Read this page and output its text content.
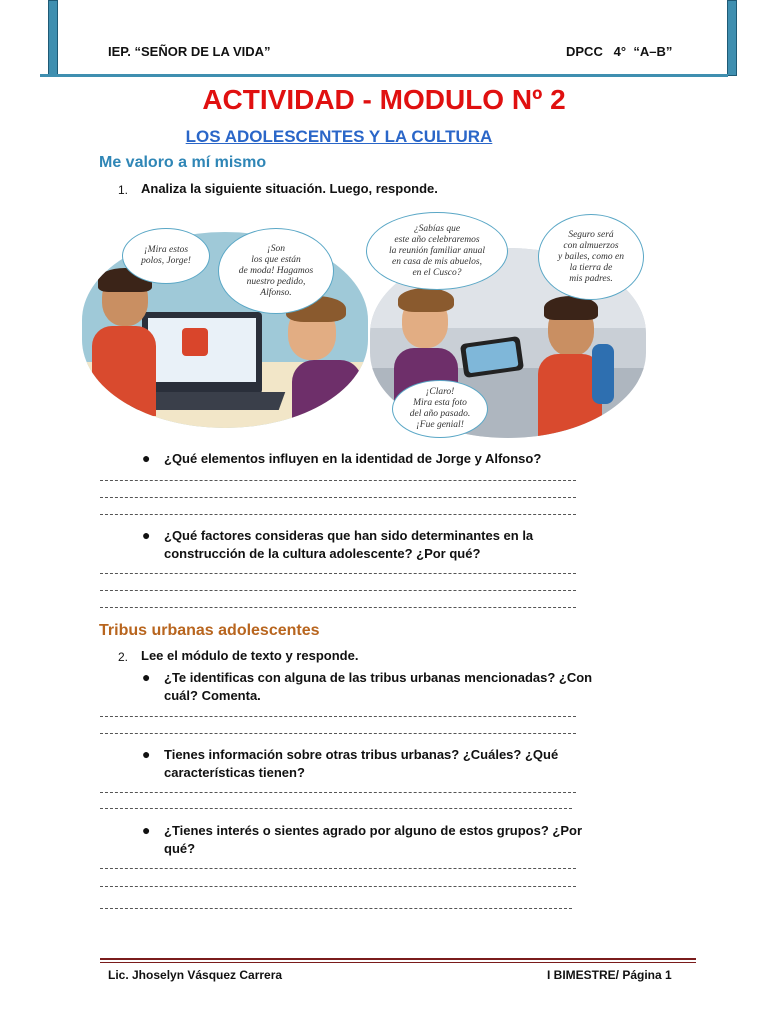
IEP. “SEÑOR DE LA VIDA”	DPCC   4°  “A–B”
ACTIVIDAD - MODULO Nº 2
LOS ADOLESCENTES Y LA CULTURA
Me valoro a mí mismo
1. Analiza la siguiente situación. Luego, responde.
¡Mira estos
polos, Jorge!
¡Son
los que están
de moda! Hagamos
nuestro pedido,
Alfonso.
¿Sabías que
este año celebraremos
la reunión familiar anual
en casa de mis abuelos,
en el Cusco?
Seguro será
con almuerzos
y bailes, como en
la tierra de
mis padres.
¡Claro!
Mira esta foto
del año pasado.
¡Fue genial!
● ¿Qué elementos influyen en la identidad de Jorge y Alfonso?
● ¿Qué factores consideras que han sido determinantes en la
construcción de la cultura adolescente? ¿Por qué?
Tribus urbanas adolescentes
2. Lee el módulo de texto y responde.
● ¿Te identificas con alguna de las tribus urbanas mencionadas? ¿Con
cuál? Comenta.
● Tienes información sobre otras tribus urbanas? ¿Cuáles? ¿Qué
características tienen?
● ¿Tienes interés o sientes agrado por alguno de estos grupos? ¿Por
qué?
Lic. Jhoselyn Vásquez Carrera	I BIMESTRE/ Página 1
